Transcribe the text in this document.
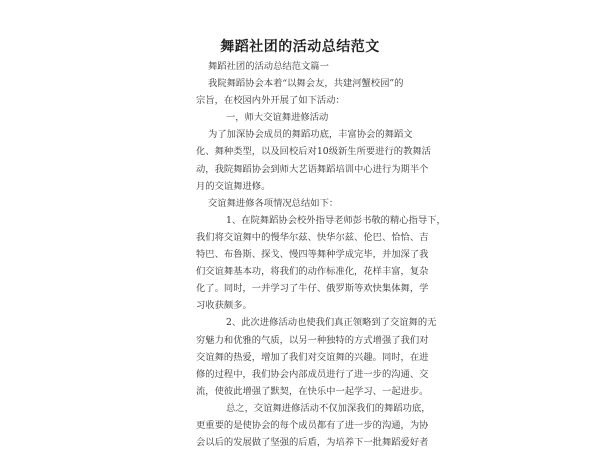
舞蹈社团的活动总结范文
舞蹈社团的活动总结范文篇一
我院舞蹈协会本着“以舞会友，共建河蟹校园”的
宗旨，在校园内外开展了如下活动：
一，师大交谊舞进修活动
为了加深协会成员的舞蹈功底，丰富协会的舞蹈文
化、舞种类型，以及回校后对10级新生所要进行的教舞活
动，我院舞蹈协会到师大艺语舞蹈培训中心进行为期半个
月的交谊舞进修。
交谊舞进修各项情况总结如下：
1、在院舞蹈协会校外指导老师彭书敬的精心指导下，
我们将交谊舞中的慢华尔兹、快华尔兹、伦巴、恰恰、吉
特巴、布鲁斯、探戈、慢四等舞种学成完毕，并加深了我
们交谊舞基本功，将我们的动作标准化，花样丰富，复杂
化了。同时，一并学习了牛仔、俄罗斯等欢快集体舞，学
习收获颇多。
2、此次进修活动也使我们真正领略到了交谊舞的无
穷魅力和优雅的气质，以另一种独特的方式增强了我们对
交谊舞的热爱，增加了我们对交谊舞的兴趣。同时，在进
修的过程中，我们协会内部成员进行了进一步的沟通、交
流，使彼此增强了默契，在快乐中一起学习、一起进步。
总之，交谊舞进修活动不仅加深我们的舞蹈功底，
更重要的是使协会的每个成员都有了进一步的沟通，为协
会以后的发展做了坚强的后盾，为培养下一批舞蹈爱好者
